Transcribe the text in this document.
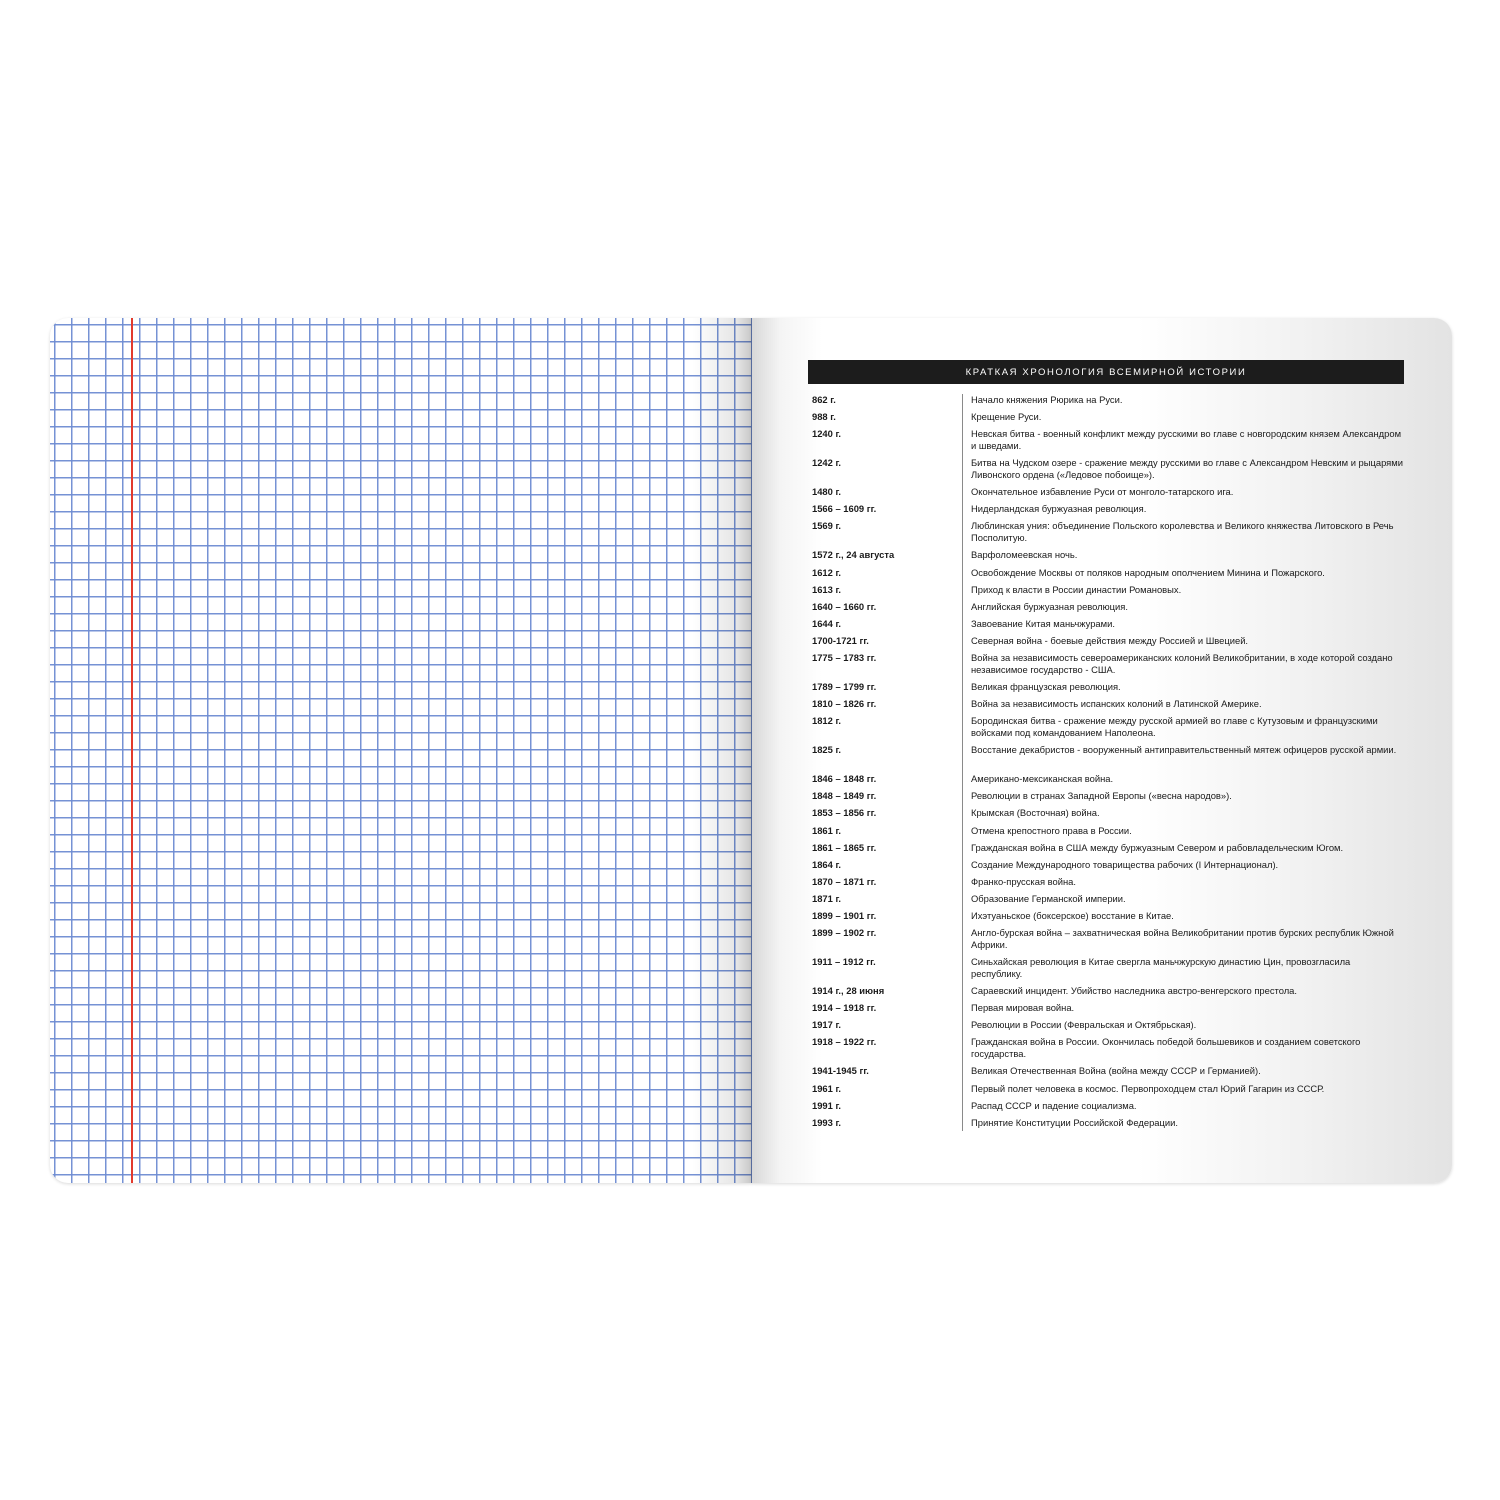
КРАТКАЯ ХРОНОЛОГИЯ ВСЕМИРНОЙ ИСТОРИИ
862 г.	Начало княжения Рюрика на Руси.
988 г.	Крещение Руси.
1240 г.	Невская битва - военный конфликт между русскими во главе с новгородским князем Александром и шведами.
1242 г.	Битва на Чудском озере - сражение между русскими во главе с Александром Невским и рыцарями Ливонского ордена («Ледовое побоище»).
1480 г.	Окончательное избавление Руси от монголо-татарского ига.
1566 – 1609 гг.	Нидерландская буржуазная революция.
1569 г.	Люблинская уния: объединение Польского королевства и Великого княжества Литовского в Речь Посполитую.
1572 г., 24 августа	Варфоломеевская ночь.
1612 г.	Освобождение Москвы от поляков народным ополчением Минина и Пожарского.
1613 г.	Приход к власти в России династии Романовых.
1640 – 1660 гг.	Английская буржуазная революция.
1644 г.	Завоевание Китая маньчжурами.
1700-1721 гг.	Северная война - боевые действия между Россией и Швецией.
1775 – 1783 гг.	Война за независимость североамериканских колоний Великобритании, в ходе которой создано независимое государство - США.
1789 – 1799 гг.	Великая французская революция.
1810 – 1826 гг.	Война за независимость испанских колоний в Латинской Америке.
1812 г.	Бородинская битва - сражение между русской армией во главе с Кутузовым и французскими войсками под командованием Наполеона.
1825 г.	Восстание декабристов - вооруженный антиправительственный мятеж офицеров русской армии.
1846 – 1848 гг.	Американо-мексиканская война.
1848 – 1849 гг.	Революции в странах Западной Европы («весна народов»).
1853 – 1856 гг.	Крымская (Восточная) война.
1861 г.	Отмена крепостного права в России.
1861 – 1865 гг.	Гражданская война в США между буржуазным Севером и рабовладельческим Югом.
1864 г.	Создание Международного товарищества рабочих (I Интернационал).
1870 – 1871 гг.	Франко-прусская война.
1871 г.	Образование Германской империи.
1899 – 1901 гг.	Ихэтуаньское (боксерское) восстание в Китае.
1899 – 1902 гг.	Англо-бурская война – захватническая война Великобритании против бурских республик Южной Африки.
1911 – 1912 гг.	Синьхайская революция в Китае свергла маньчжурскую династию Цин, провозгласила республику.
1914 г., 28 июня	Сараевский инцидент. Убийство наследника австро-венгерского престола.
1914 – 1918 гг.	Первая мировая война.
1917 г.	Революции в России (Февральская и Октябрьская).
1918 – 1922 гг.	Гражданская война в России. Окончилась победой большевиков и созданием советского государства.
1941-1945 гг.	Великая Отечественная Война (война между СССР и Германией).
1961 г.	Первый полет человека в космос. Первопроходцем стал Юрий Гагарин из СССР.
1991 г.	Распад СССР и падение социализма.
1993 г.	Принятие Конституции Российской Федерации.
